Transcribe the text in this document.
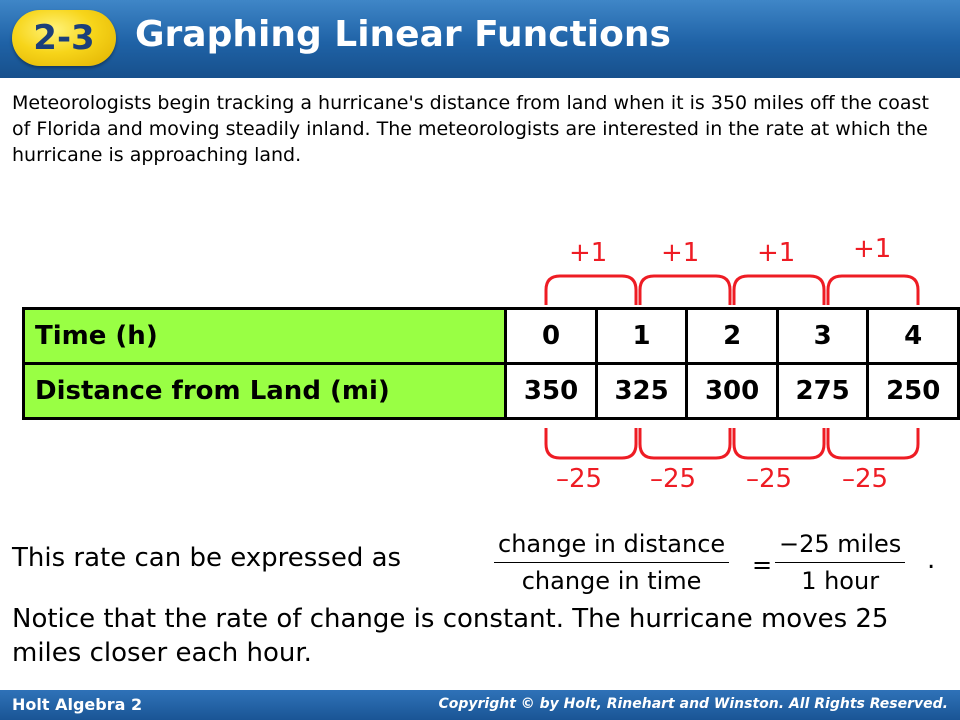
2-3	Graphing Linear Functions

Meteorologists begin tracking a hurricane's distance from land when it is 350 miles off the coast of Florida and moving steadily inland. The meteorologists are interested in the rate at which the hurricane is approaching land.

+1 +1 +1 +1
Time (h)	0	1	2	3	4
Distance from Land (mi)	350	325	300	275	250
–25 –25 –25 –25
This rate can be expressed as	change in distance
change in time
=
−25 miles
1 hour
.

Notice that the rate of change is constant. The hurricane moves 25 miles closer each hour.

Holt Algebra 2	Copyright © by Holt, Rinehart and Winston. All Rights Reserved.
